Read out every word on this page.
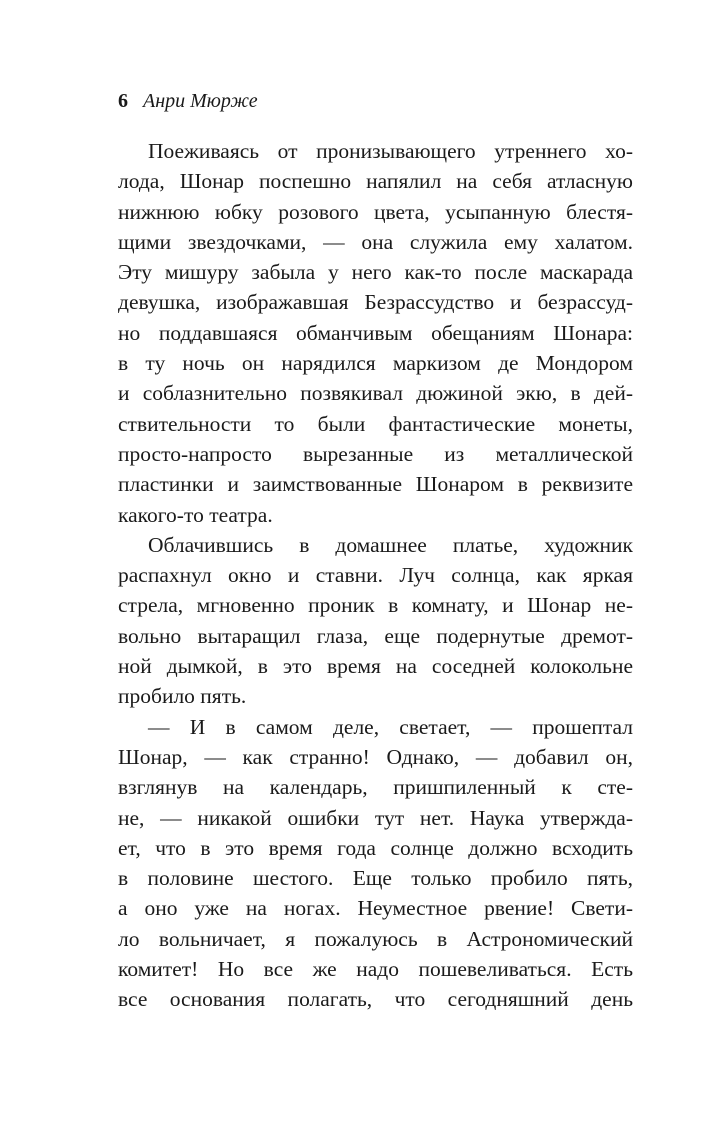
6 Анри Мюрже
Поеживаясь от пронизывающего утреннего хо-
лода, Шонар поспешно напялил на себя атласную
нижнюю юбку розового цвета, усыпанную блестя-
щими звездочками, — она служила ему халатом.
Эту мишуру забыла у него как-то после маскарада
девушка, изображавшая Безрассудство и безрассуд-
но поддавшаяся обманчивым обещаниям Шонара:
в ту ночь он нарядился маркизом де Мондором
и соблазнительно позвякивал дюжиной экю, в дей-
ствительности то были фантастические монеты,
просто-напросто вырезанные из металлической
пластинки и заимствованные Шонаром в реквизите
какого-то театра.
Облачившись в домашнее платье, художник
распахнул окно и ставни. Луч солнца, как яркая
стрела, мгновенно проник в комнату, и Шонар не-
вольно вытаращил глаза, еще подернутые дремот-
ной дымкой, в это время на соседней колокольне
пробило пять.
— И в самом деле, светает, — прошептал
Шонар, — как странно! Однако, — добавил он,
взглянув на календарь, пришпиленный к сте-
не, — никакой ошибки тут нет. Наука утвержда-
ет, что в это время года солнце должно всходить
в половине шестого. Еще только пробило пять,
а оно уже на ногах. Неуместное рвение! Свети-
ло вольничает, я пожалуюсь в Астрономический
комитет! Но все же надо пошевеливаться. Есть
все основания полагать, что сегодняшний день
